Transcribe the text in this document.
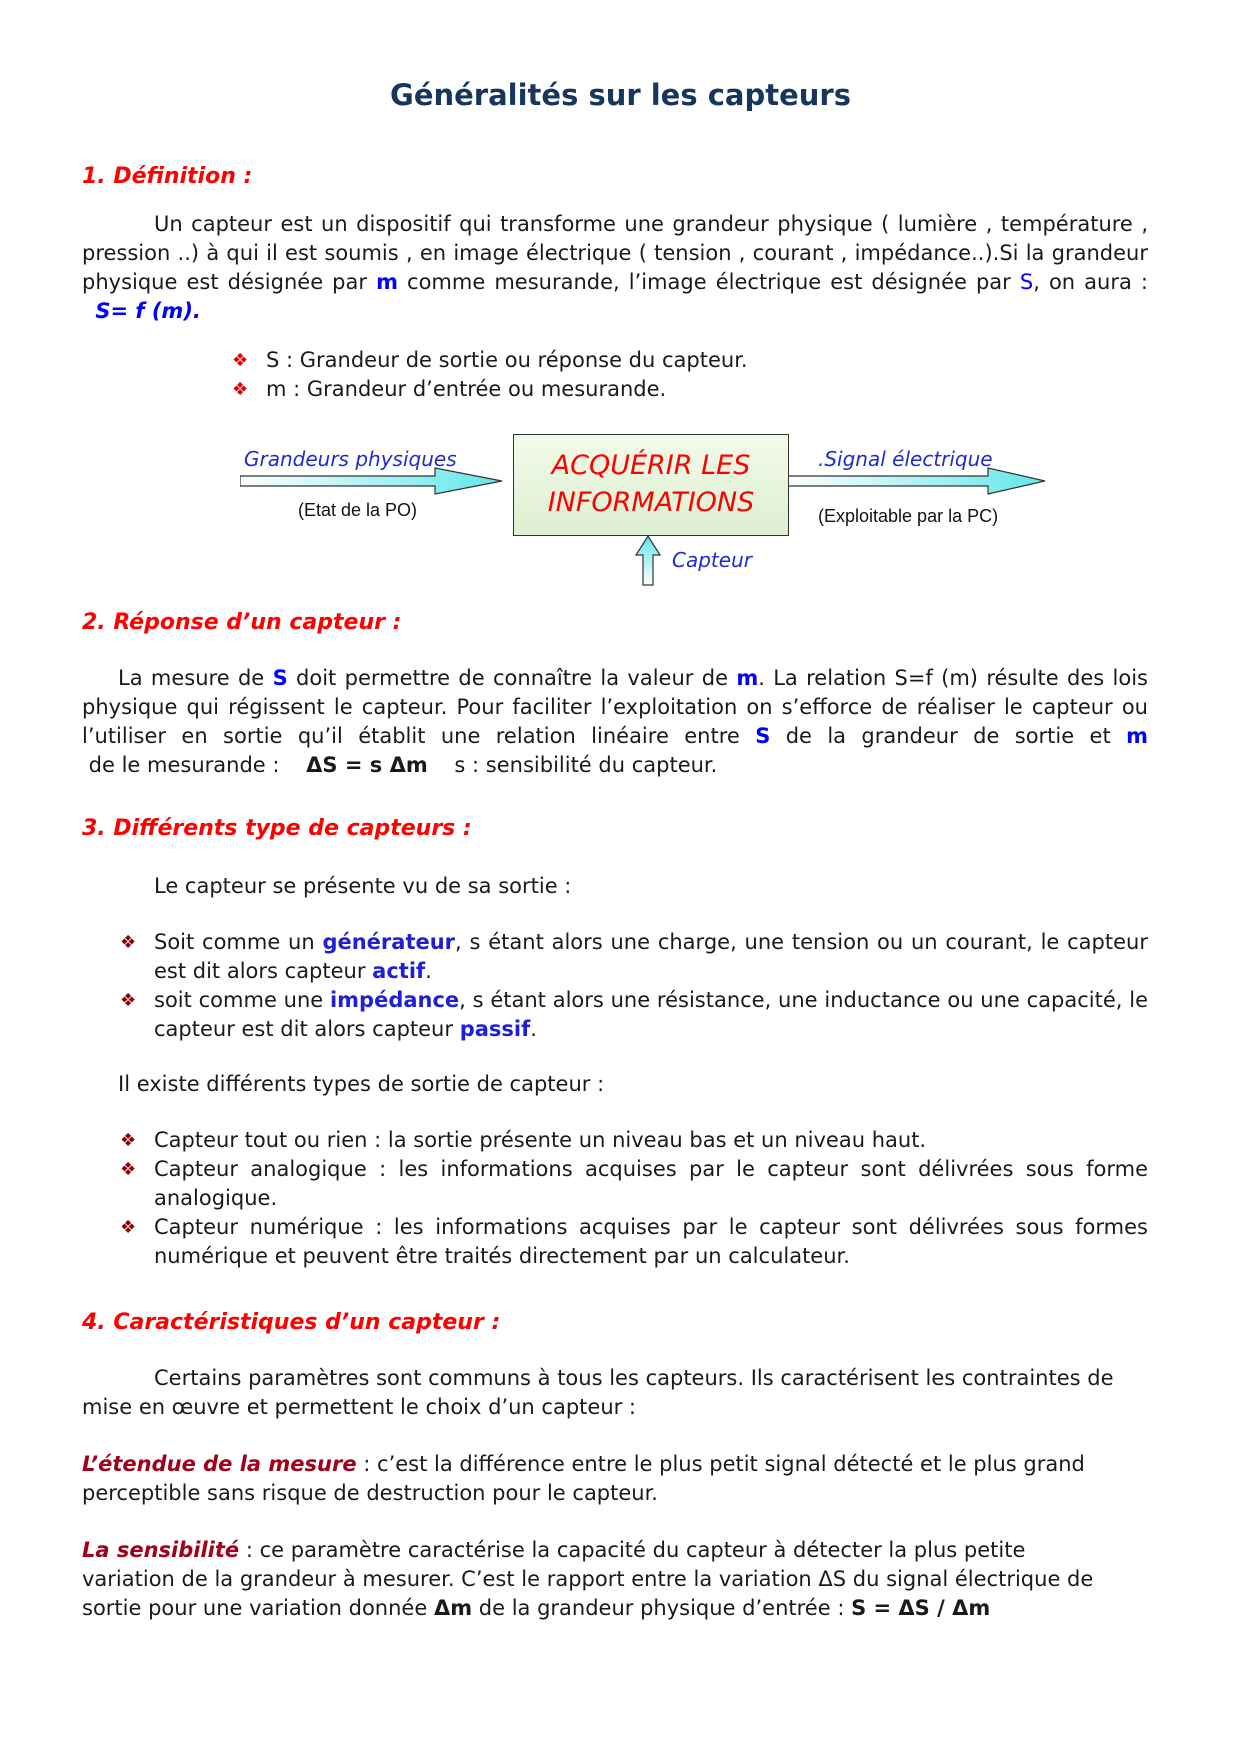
Généralités sur les capteurs
1. Définition :
Un capteur est un dispositif qui transforme une grandeur physique ( lumière , température , pression ..) à qui il est soumis , en image électrique ( tension , courant , impédance..).Si la grandeur physique est désignée par m comme mesurande, l’image électrique est désignée par S, on aura :   S= f (m).
❖ S : Grandeur de sortie ou réponse du capteur.
❖ m : Grandeur d’entrée ou mesurande.
Grandeurs physiques
(Etat de la PO)
.Signal électrique
(Exploitable par la PC)
Capteur
ACQUÉRIR LES
INFORMATIONS
2. Réponse d’un capteur :
La mesure de S doit permettre de connaître la valeur de m. La relation S=f (m) résulte des lois physique qui régissent le capteur. Pour faciliter l’exploitation on s’efforce de réaliser le capteur ou l’utiliser en sortie qu’il établit une relation linéaire entre S de la grandeur de sortie et m de le mesurande :    ΔS = s Δm    s : sensibilité du capteur.
3. Différents type de capteurs :
Le capteur se présente vu de sa sortie :
❖ Soit comme un générateur, s étant alors une charge, une tension ou un courant, le capteur est dit alors capteur actif.
❖ soit comme une impédance, s étant alors une résistance, une inductance ou une capacité, le capteur est dit alors capteur passif.
Il existe différents types de sortie de capteur :
❖ Capteur tout ou rien : la sortie présente un niveau bas et un niveau haut.
❖ Capteur analogique : les informations acquises par le capteur sont délivrées sous forme analogique.
❖ Capteur numérique : les informations acquises par le capteur sont délivrées sous formes numérique et peuvent être traités directement par un calculateur.
4. Caractéristiques d’un capteur :
Certains paramètres sont communs à tous les capteurs. Ils caractérisent les contraintes de mise en œuvre et permettent le choix d’un capteur :
L’étendue de la mesure : c’est la différence entre le plus petit signal détecté et le plus grand perceptible sans risque de destruction pour le capteur.
La sensibilité : ce paramètre caractérise la capacité du capteur à détecter la plus petite variation de la grandeur à mesurer. C’est le rapport entre la variation ΔS du signal électrique de sortie pour une variation donnée Δm de la grandeur physique d’entrée : S = ΔS / Δm
